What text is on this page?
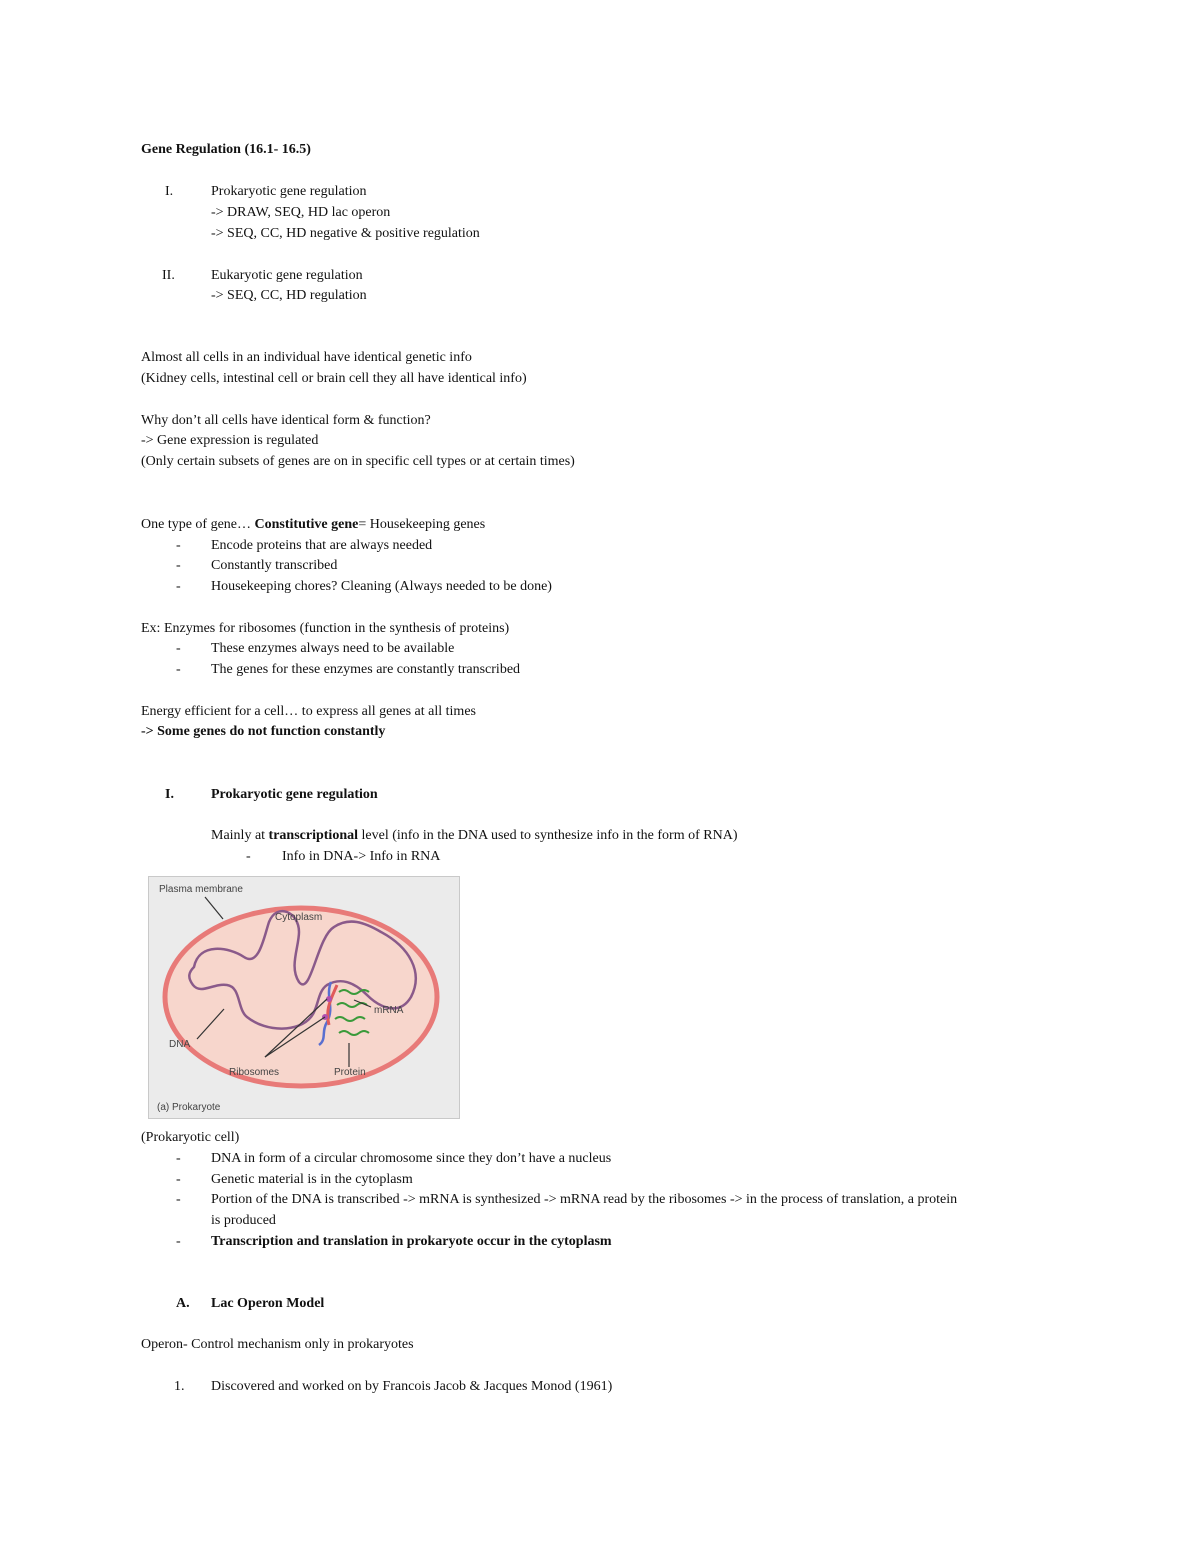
Gene Regulation (16.1- 16.5)
I.	Prokaryotic gene regulation
-> DRAW, SEQ, HD lac operon
-> SEQ, CC, HD negative & positive regulation
II.	Eukaryotic gene regulation
-> SEQ, CC, HD regulation
Almost all cells in an individual have identical genetic info
(Kidney cells, intestinal cell or brain cell they all have identical info)
Why don’t all cells have identical form & function?
-> Gene expression is regulated
(Only certain subsets of genes are on in specific cell types or at certain times)
One type of gene… Constitutive gene= Housekeeping genes
- Encode proteins that are always needed
- Constantly transcribed
- Housekeeping chores? Cleaning (Always needed to be done)
Ex: Enzymes for ribosomes (function in the synthesis of proteins)
- These enzymes always need to be available
- The genes for these enzymes are constantly transcribed
Energy efficient for a cell… to express all genes at all times
-> Some genes do not function constantly
I.	Prokaryotic gene regulation
Mainly at transcriptional level (info in the DNA used to synthesize info in the form of RNA)
- Info in DNA-> Info in RNA
Plasma membrane
Cytoplasm
mRNA
DNA
Ribosomes	Protein
(a) Prokaryote
(Prokaryotic cell)
- DNA in form of a circular chromosome since they don’t have a nucleus
- Genetic material is in the cytoplasm
- Portion of the DNA is transcribed -> mRNA is synthesized -> mRNA read by the ribosomes -> in the process of translation, a protein
is produced
- Transcription and translation in prokaryote occur in the cytoplasm
A. Lac Operon Model
Operon- Control mechanism only in prokaryotes
1. Discovered and worked on by Francois Jacob & Jacques Monod (1961)
